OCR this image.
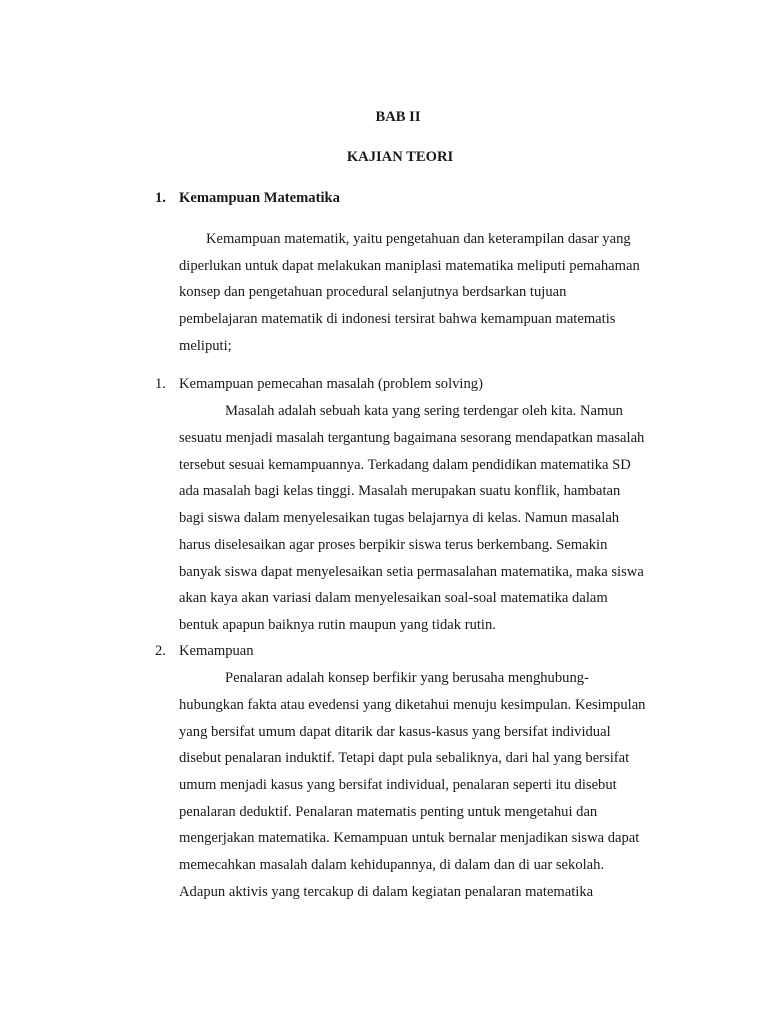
BAB II
KAJIAN TEORI
1. Kemampuan Matematika
Kemampuan matematik, yaitu pengetahuan dan keterampilan dasar yang
diperlukan untuk dapat melakukan maniplasi matematika meliputi pemahaman
konsep dan pengetahuan procedural selanjutnya berdsarkan tujuan
pembelajaran matematik di indonesi tersirat bahwa kemampuan matematis
meliputi;
1. Kemampuan pemecahan masalah (problem solving)
Masalah adalah sebuah kata yang sering terdengar oleh kita. Namun
sesuatu menjadi masalah tergantung bagaimana sesorang mendapatkan masalah
tersebut sesuai kemampuannya. Terkadang dalam pendidikan matematika SD
ada masalah bagi kelas tinggi. Masalah merupakan suatu konflik, hambatan
bagi siswa dalam menyelesaikan tugas belajarnya di kelas. Namun masalah
harus diselesaikan agar proses berpikir siswa terus berkembang. Semakin
banyak siswa dapat menyelesaikan setia permasalahan matematika, maka siswa
akan kaya akan variasi dalam menyelesaikan soal-soal matematika dalam
bentuk apapun baiknya rutin maupun yang tidak rutin.
2. Kemampuan
Penalaran adalah konsep berfikir yang berusaha menghubung-
hubungkan fakta atau evedensi yang diketahui menuju kesimpulan. Kesimpulan
yang bersifat umum dapat ditarik dar kasus-kasus yang bersifat individual
disebut penalaran induktif. Tetapi dapt pula sebaliknya, dari hal yang bersifat
umum menjadi kasus yang bersifat individual, penalaran seperti itu disebut
penalaran deduktif. Penalaran matematis penting untuk mengetahui dan
mengerjakan matematika. Kemampuan untuk bernalar menjadikan siswa dapat
memecahkan masalah dalam kehidupannya, di dalam dan di uar sekolah.
Adapun aktivis yang tercakup di dalam kegiatan penalaran matematika
